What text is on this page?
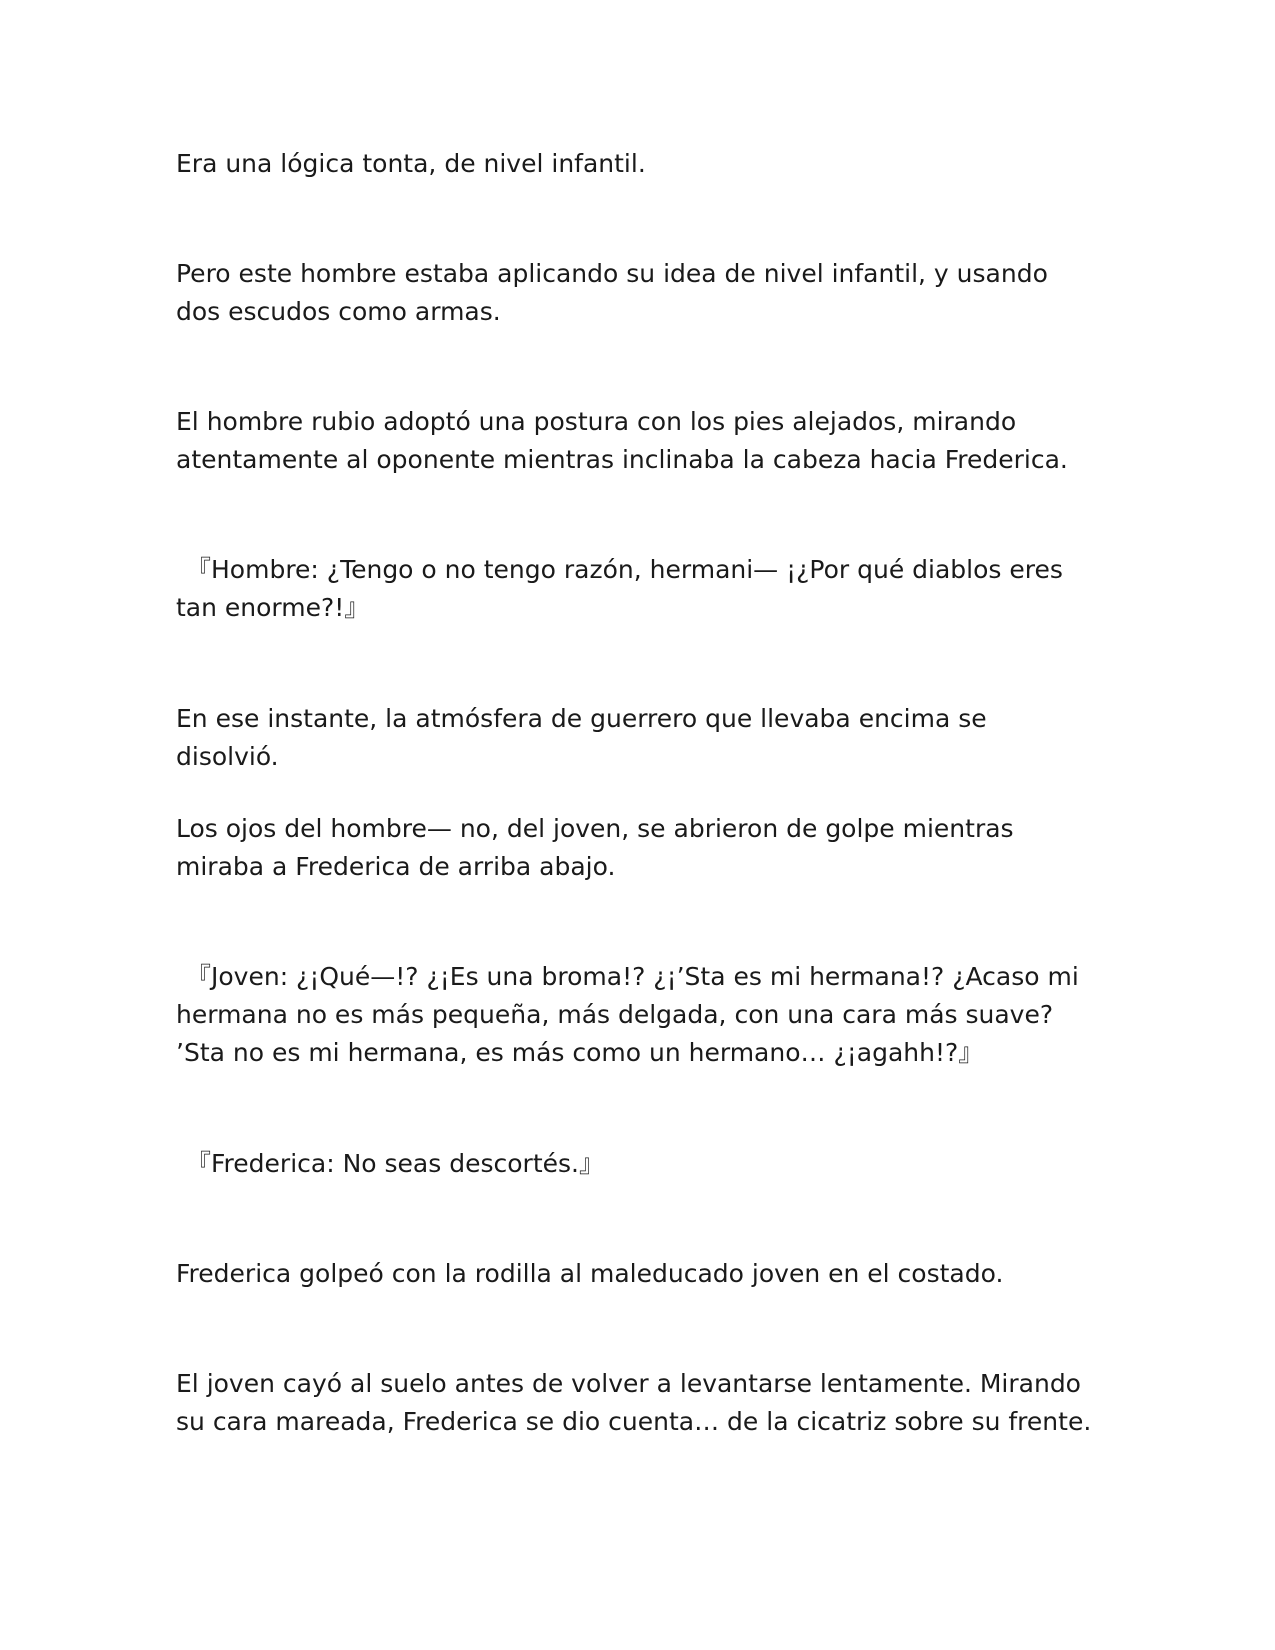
Era una lógica tonta, de nivel infantil.

Pero este hombre estaba aplicando su idea de nivel infantil, y usando dos escudos como armas.

El hombre rubio adoptó una postura con los pies alejados, mirando atentamente al oponente mientras inclinaba la cabeza hacia Frederica.

『Hombre: ¿Tengo o no tengo razón, hermani— ¡¿Por qué diablos eres tan enorme?!』

En ese instante, la atmósfera de guerrero que llevaba encima se disolvió.

Los ojos del hombre— no, del joven, se abrieron de golpe mientras miraba a Frederica de arriba abajo.

『Joven: ¿¡Qué—!? ¿¡Es una broma!? ¿¡’Sta es mi hermana!? ¿Acaso mi hermana no es más pequeña, más delgada, con una cara más suave? ’Sta no es mi hermana, es más como un hermano… ¿¡agahh!?』

『Frederica: No seas descortés.』

Frederica golpeó con la rodilla al maleducado joven en el costado.

El joven cayó al suelo antes de volver a levantarse lentamente. Mirando su cara mareada, Frederica se dio cuenta… de la cicatriz sobre su frente.
